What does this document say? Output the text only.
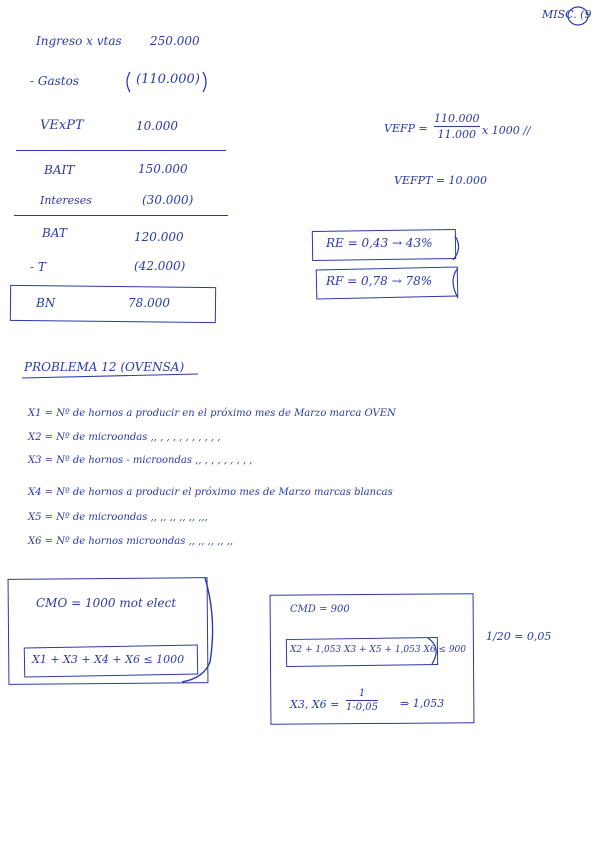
MISC. (9
Ingreso x vtas 250.000
- Gastos	(110.000)
VExPT	10.000
BAIT	150.000
Intereses	(30.000)
BAT	120.000
- T	(42.000)
BN	78.000
VEFP =
110.000
11.000 x 1000 //
VEFPT = 10.000
RE = 0,43 → 43%
RF = 0,78 → 78%
PROBLEMA 12 (OVENSA)
X1 = Nº de hornos a producir en el próximo mes de Marzo marca OVEN
X2 = Nº de microondas ,, , , , , , , , , , ,
X3 = Nº de hornos - microondas ,, , , , , , , , ,
X4 = Nº de hornos a producir el próximo mes de Marzo marcas blancas
X5 = Nº de microondas ,, ,, ,, ,, ,, ,,,
X6 = Nº de hornos microondas ,, ,, ,, ,, ,,
CMO = 1000 mot elect
X1 + X3 + X4 + X6 ≤ 1000
CMD = 900
X2 + 1,053 X3 + X5 + 1,053 X6 ≤ 900
X3, X6 =
1
1-0,05 ⇒ 1,053
1/20 = 0,05
